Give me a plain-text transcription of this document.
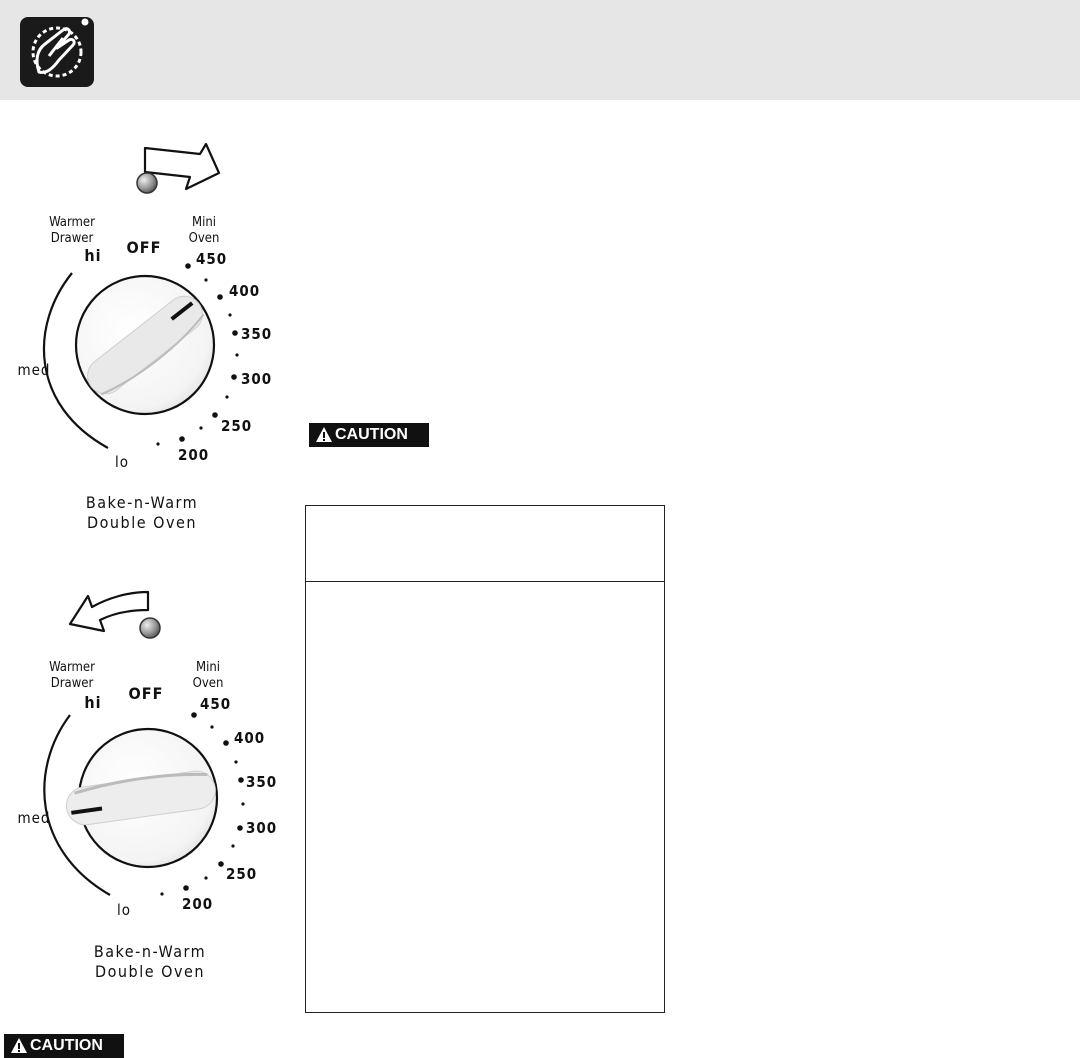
Warmer
Drawer
hi	OFF
Mini
Oven
450
400
350
300
250
200
med
lo
Bake-n-Warm
Double Oven
Warmer
Drawer
hi	OFF
Mini
Oven
450
400
350
300
250
200
med
lo
Bake-n-Warm
Double Oven
CAUTION
CAUTION
